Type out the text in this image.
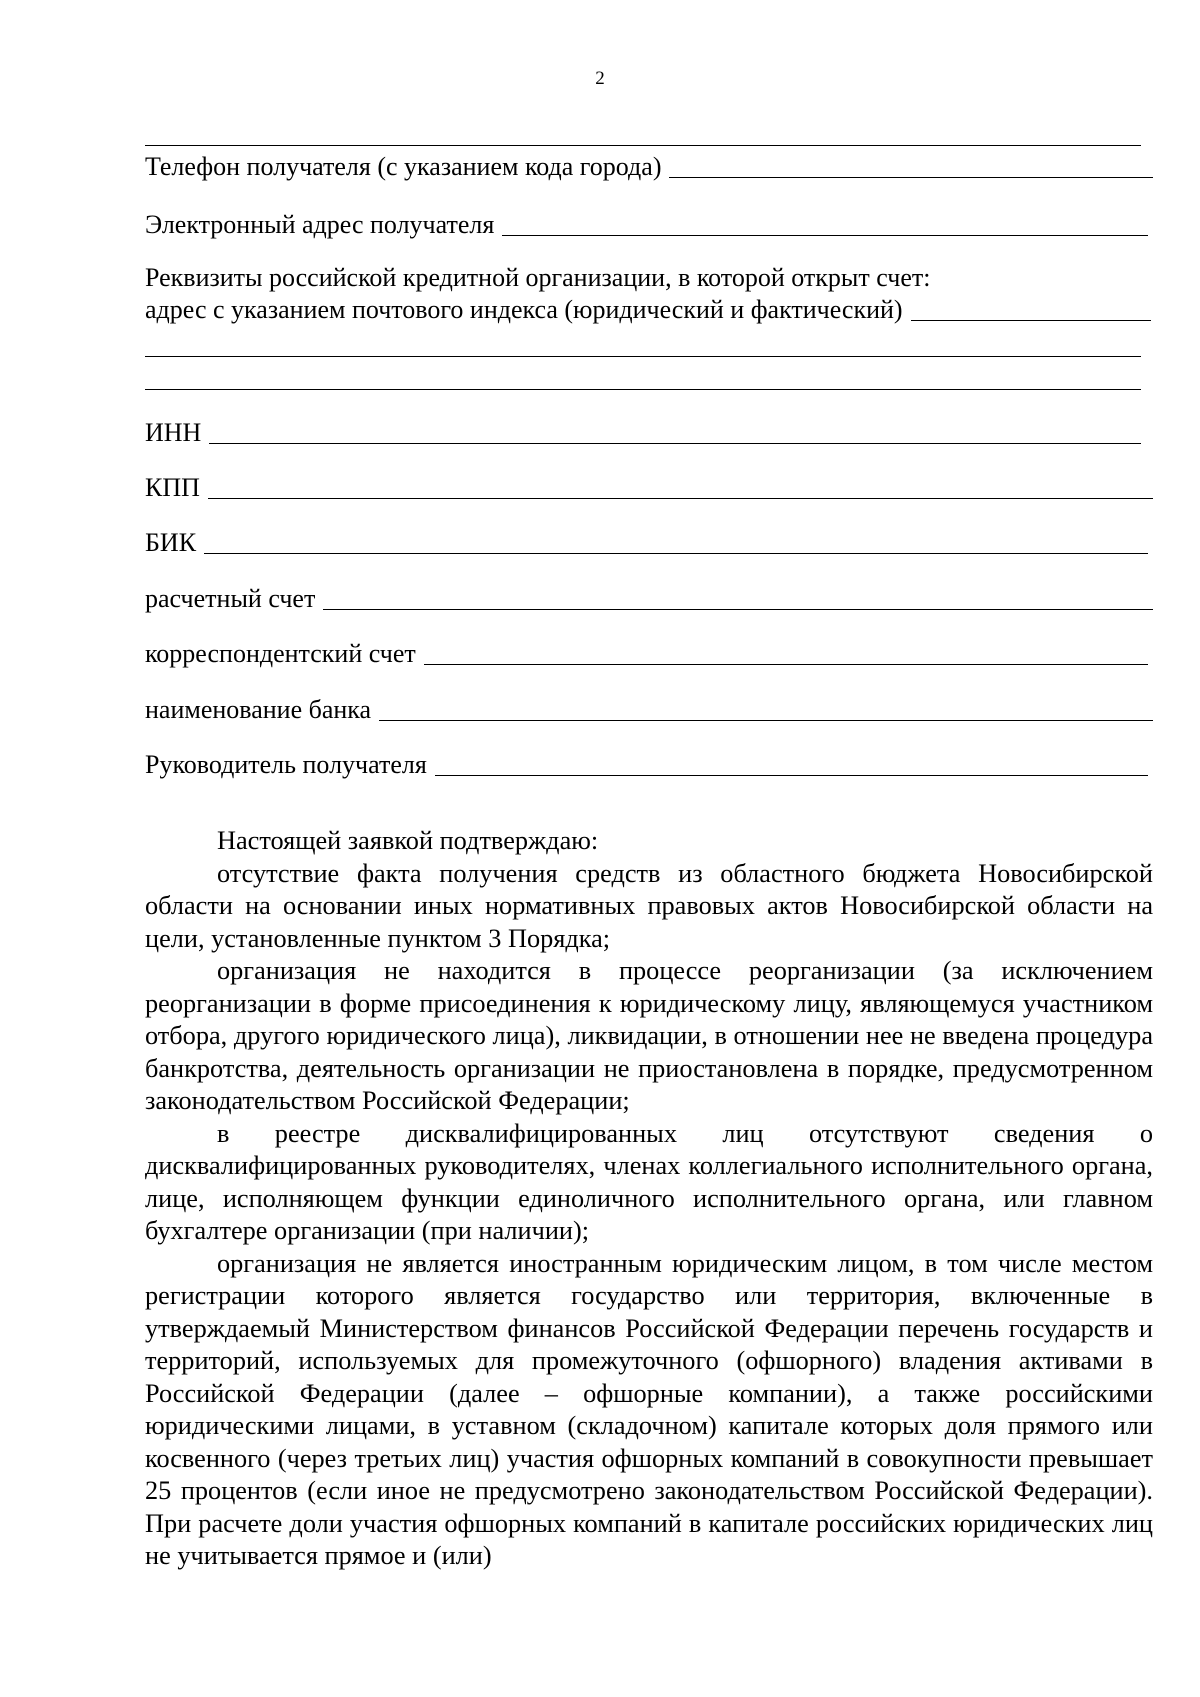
2
Телефон получателя (с указанием кода города)
Электронный адрес получателя
Реквизиты российской кредитной организации, в которой открыт счет:
адрес с указанием почтового индекса (юридический и фактический)
ИНН
КПП
БИК
расчетный счет
корреспондентский счет
наименование банка
Руководитель получателя

Настоящей заявкой подтверждаю:

отсутствие факта получения средств из областного бюджета Новосибирской области на основании иных нормативных правовых актов Новосибирской области на цели, установленные пунктом 3 Порядка;

организация не находится в процессе реорганизации (за исключением реорганизации в форме присоединения к юридическому лицу, являющемуся участником отбора, другого юридического лица), ликвидации, в отношении нее не введена процедура банкротства, деятельность организации не приостановлена в порядке, предусмотренном законодательством Российской Федерации;

в реестре дисквалифицированных лиц отсутствуют сведения о дисквалифицированных руководителях, членах коллегиального исполнительного органа, лице, исполняющем функции единоличного исполнительного органа, или главном бухгалтере организации (при наличии);

организация не является иностранным юридическим лицом, в том числе местом регистрации которого является государство или территория, включенные в утверждаемый Министерством финансов Российской Федерации перечень государств и территорий, используемых для промежуточного (офшорного) владения активами в Российской Федерации (далее – офшорные компании), а также российскими юридическими лицами, в уставном (складочном) капитале которых доля прямого или косвенного (через третьих лиц) участия офшорных компаний в совокупности превышает 25 процентов (если иное не предусмотрено законодательством Российской Федерации). При расчете доли участия офшорных компаний в капитале российских юридических лиц не учитывается прямое и (или)
